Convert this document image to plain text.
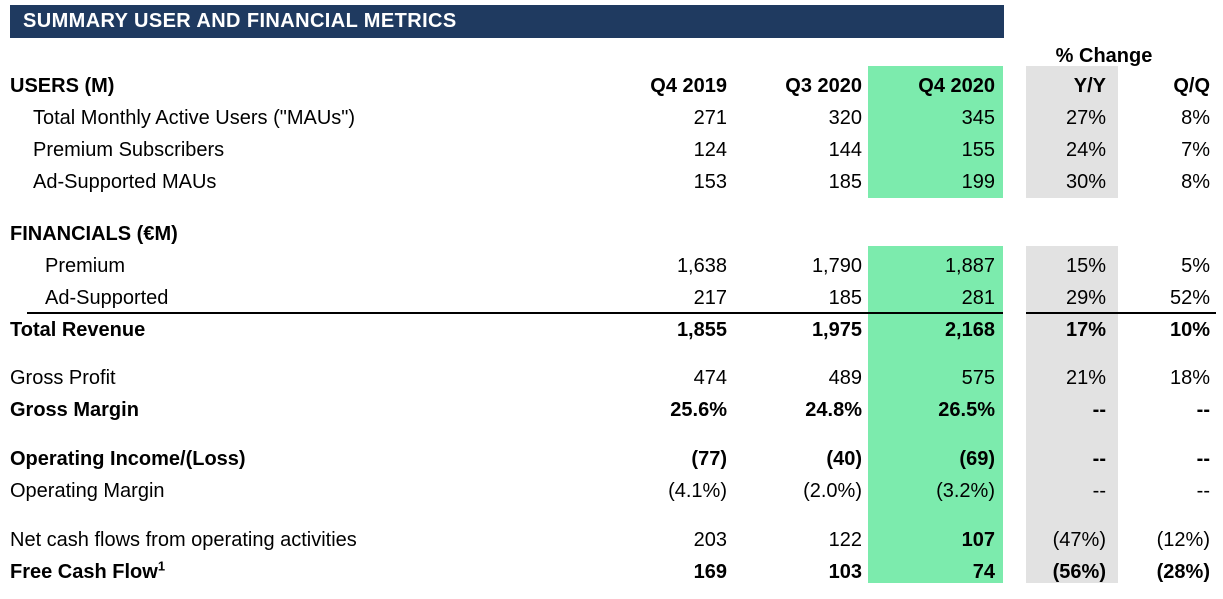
SUMMARY USER AND FINANCIAL METRICS
% Change
USERS (M)	Q4 2019	Q3 2020	Q4 2020	Y/Y	Q/Q
Total Monthly Active Users ("MAUs")	271	320	345	27%	8%
Premium Subscribers	124	144	155	24%	7%
Ad-Supported MAUs	153	185	199	30%	8%
FINANCIALS (€M)
Premium	1,638	1,790	1,887	15%	5%
Ad-Supported	217	185	281	29%	52%
Total Revenue	1,855	1,975	2,168	17%	10%
Gross Profit	474	489	575	21%	18%
Gross Margin	25.6%	24.8%	26.5%	--	--
Operating Income/(Loss)	(77)	(40)	(69)	--	--
Operating Margin	(4.1%)	(2.0%)	(3.2%)	--	--
Net cash flows from operating activities	203	122	107	(47%)	(12%)
Free Cash Flow$^1$	169	103	74	(56%)	(28%)
